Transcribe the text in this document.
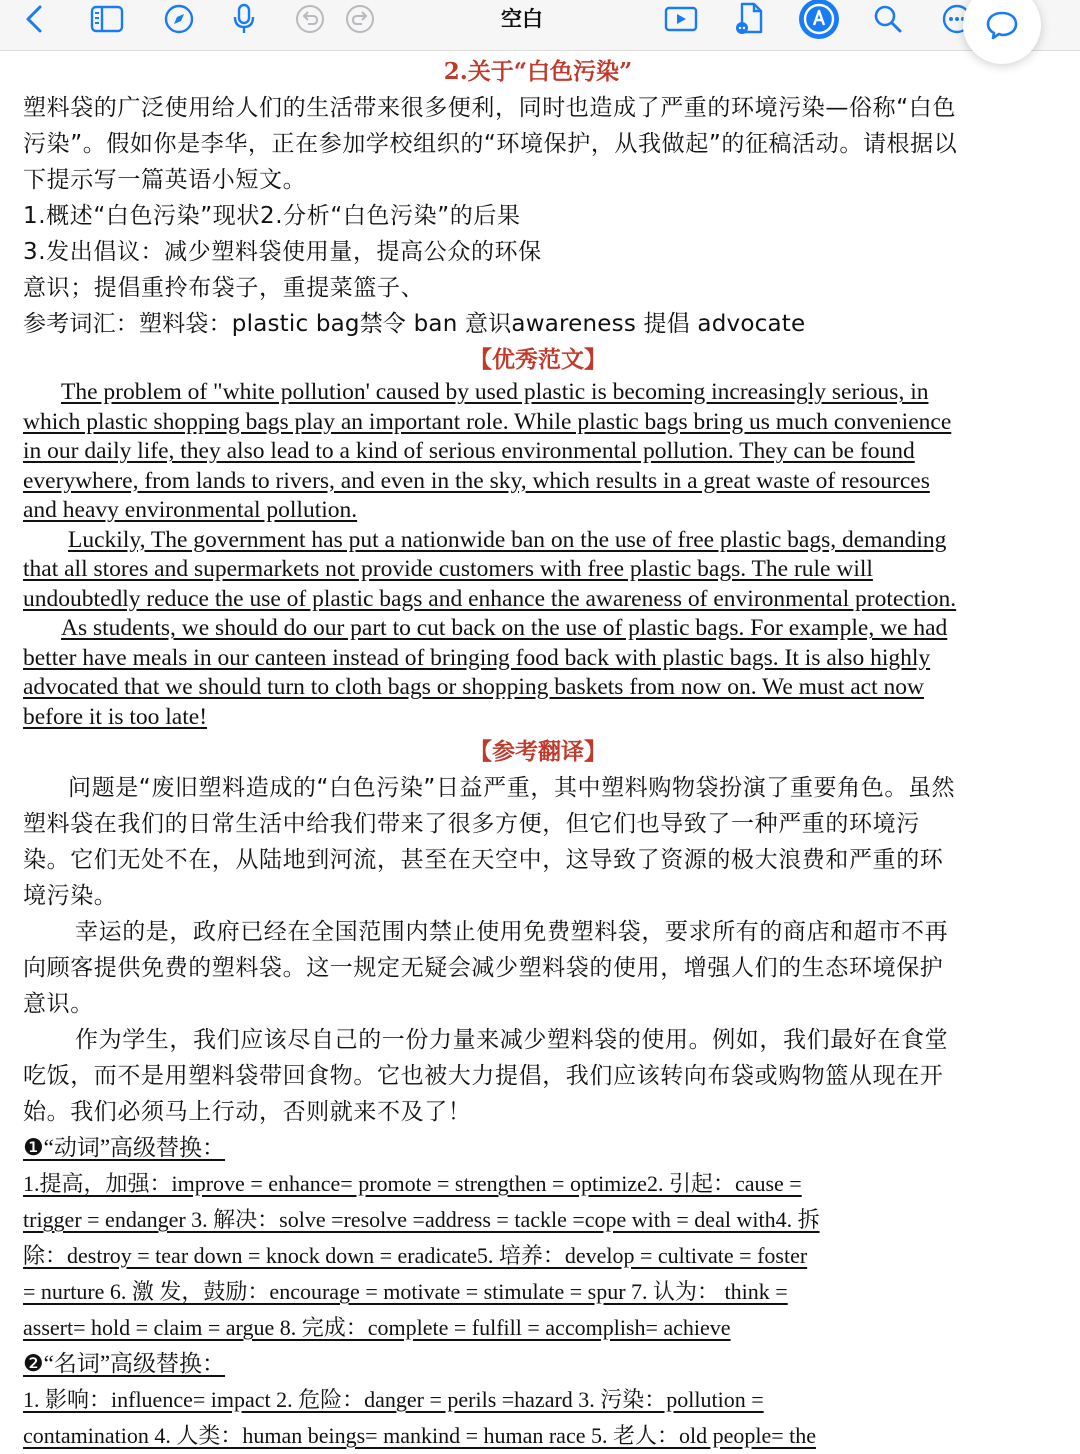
空白
2.关于“白色污染”
塑料袋的广泛使用给人们的生活带来很多便利，同时也造成了严重的环境污染—俗称“白色
污染”。假如你是李华，正在参加学校组织的“环境保护，从我做起”的征稿活动。请根据以
下提示写一篇英语小短文。
1.概述“白色污染”现状2.分析“白色污染”的后果
3.发出倡议：减少塑料袋使用量，提高公众的环保
意识；提倡重拎布袋子，重提菜篮子、
参考词汇：塑料袋：plastic bag禁令 ban 意识awareness 提倡 advocate
【优秀范文】
The problem of "white pollution' caused by used plastic is becoming increasingly serious, in
which plastic shopping bags play an important role. While plastic bags bring us much convenience
in our daily life, they also lead to a kind of serious environmental pollution. They can be found
everywhere, from lands to rivers, and even in the sky, which results in a great waste of resources
and heavy environmental pollution.
Luckily, The government has put a nationwide ban on the use of free plastic bags, demanding
that all stores and supermarkets not provide customers with free plastic bags. The rule will
undoubtedly reduce the use of plastic bags and enhance the awareness of environmental protection.
As students, we should do our part to cut back on the use of plastic bags. For example, we had
better have meals in our canteen instead of bringing food back with plastic bags. It is also highly
advocated that we should turn to cloth bags or shopping baskets from now on. We must act now
before it is too late!
【参考翻译】
问题是“废旧塑料造成的“白色污染”日益严重，其中塑料购物袋扮演了重要角色。虽然
塑料袋在我们的日常生活中给我们带来了很多方便，但它们也导致了一种严重的环境污
染。它们无处不在，从陆地到河流，甚至在天空中，这导致了资源的极大浪费和严重的环
境污染。
幸运的是，政府已经在全国范围内禁止使用免费塑料袋，要求所有的商店和超市不再
向顾客提供免费的塑料袋。这一规定无疑会减少塑料袋的使用，增强人们的生态环境保护
意识。
作为学生，我们应该尽自己的一份力量来减少塑料袋的使用。例如，我们最好在食堂
吃饭，而不是用塑料袋带回食物。它也被大力提倡，我们应该转向布袋或购物篮从现在开
始。我们必须马上行动，否则就来不及了！
❶“动词”高级替换：
1.提高，加强：improve = enhance= promote = strengthen = optimize2. 引起：cause =
trigger = endanger 3. 解决：solve =resolve =address = tackle =cope with = deal with4. 拆
除：destroy = tear down = knock down = eradicate5. 培养：develop = cultivate = foster
= nurture 6. 激 发，鼓励：encourage = motivate = stimulate = spur 7. 认为： think =
assert= hold = claim = argue 8. 完成：complete = fulfill = accomplish= achieve
❷“名词”高级替换：
1. 影响：influence= impact 2. 危险：danger = perils =hazard 3. 污染：pollution =
contamination 4. 人类：human beings= mankind = human race 5. 老人：old people= the
